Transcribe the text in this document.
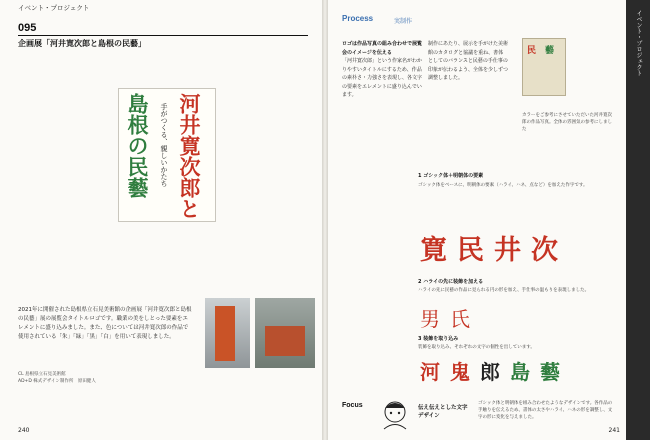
イベント・プロジェクト
095
企画展「河井寛次郎と島根の民藝」
河井寛次郎と
手がつくる、親しいかたち
島根の民藝
2021年に開催された島根県立石見美術館の企画展「河井寛次郎と島根の民藝」展の展覧会タイトルロゴです。職業の美をしとった要素をエレメントに盛り込みました。また、色については河井寛次郎の作品で使用されている「朱」「緑」「黒」「白」を用いて表現しました。
CL 島根県立石見美術館
AD+D 株式デザイン制作所　原田健人
240
イベント・プロジェクト
Process	実制作
ロゴは作品写真の組み合わせで展覧会のイメージを伝える
「河井寛次郎」という作家名がわかりやすいタイトルにするため、作品の素朴さ・力強さを表現し、各文字の要素をエレメントに盛り込んでいます。
制作にあたり、展示を手がけた美術館のカタログと協議を重ね、書体としてのバランスと民藝の手仕事の印象が伝わるよう、全体を少しずつ調整しました。
民 藝
カラーをご参考にさせていただいた河井寛次郎の作品写真。全体の雰囲気の参考にしました
1 ゴシック体＋明朝体の要素
ゴシック体をベースに、明朝体の要素（ハライ、ハネ、点など）を加えた作字です。
寛 民 井 次
2 ハライの先に装飾を加える
ハライの先に民藝の作品に見られる円の形を加え、手仕事の温もりを表現しました。
男 氏
3 装飾を取り込み
装飾を取り込み、それぞれの文字の個性を出しています。
河 鬼 郎 島 藝
Focus	伝え伝えとした文字デザイン
ゴシック体と明朝体を組み合わせたようなデザインです。各作品の手触りを伝えるため、書体の太さやハライ、ハネの形を調整し、文字の形に変化を与えました。
241
